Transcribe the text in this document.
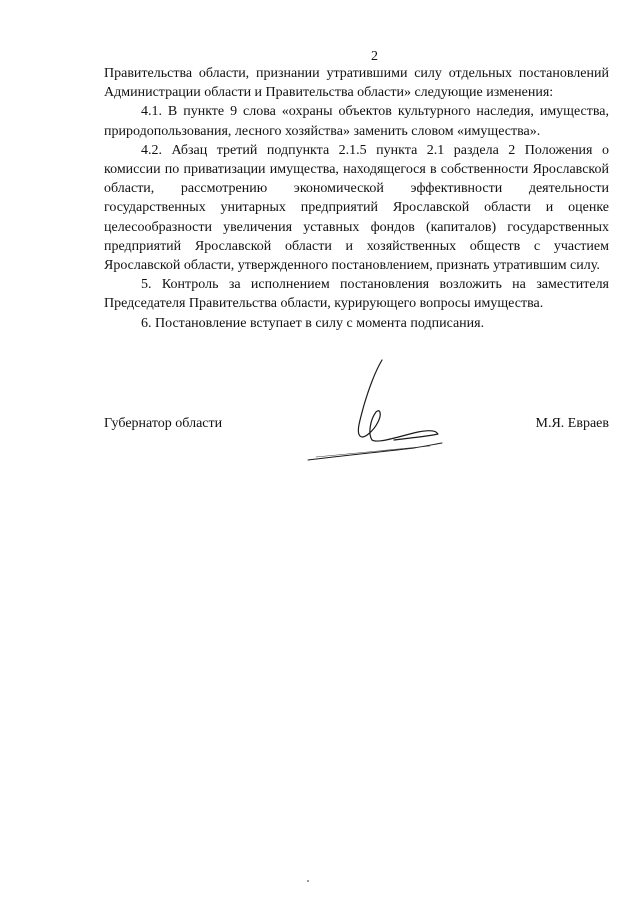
2

Правительства области, признании утратившими силу отдельных постановлений Администрации области и Правительства области» следующие изменения:

4.1. В пункте 9 слова «охраны объектов культурного наследия, имущества, природопользования, лесного хозяйства» заменить словом «имущества».

4.2. Абзац третий подпункта 2.1.5 пункта 2.1 раздела 2 Положения о комиссии по приватизации имущества, находящегося в собственности Ярославской области, рассмотрению экономической эффективности деятельности государственных унитарных предприятий Ярославской области и оценке целесообразности увеличения уставных фондов (капиталов) государственных предприятий Ярославской области и хозяйственных обществ с участием Ярославской области, утвержденного постановлением, признать утратившим силу.

5. Контроль за исполнением постановления возложить на заместителя Председателя Правительства области, курирующего вопросы имущества.

6. Постановление вступает в силу с момента подписания.

Губернатор области	М.Я. Евраев
